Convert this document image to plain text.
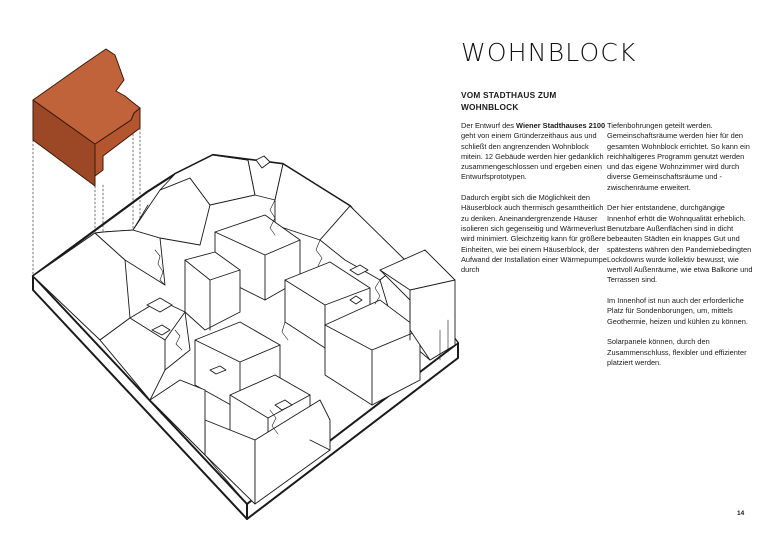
WOHNBLOCK
VOM STADTHAUS ZUM WOHNBLOCK

Der Entwurf des Wiener Stadthauses 2100 geht von einem Gründerzeithaus aus und schließt den angrenzenden Wohnblock mitein. 12 Gebäude werden hier gedanklich zusammengeschlossen und ergeben einen Entwurfsprototypen.

Dadurch ergibt sich die Möglichkeit den Häuserblock auch thermisch gesamtheitlich zu denken. Aneinandergrenzende Häuser isolieren sich gegenseitig und Wärmeverlust wird minimiert. Gleichzeitig kann für größere Einheiten, wie bei einem Häuserblock, der Aufwand der Installation einer Wärmepumpe durch

Tiefenbohrungen geteilt werden. Gemeinschaftsräume werden hier für den gesamten Wohnblock errichtet. So kann ein reichhaltigeres Programm genutzt werden und das eigene Wohnzimmer wird durch diverse Gemeinschaftsräume und -zwischenräume erweitert.

Der hier entstandene, durchgängige Innenhof erhöt die Wohnqualität erheblich. Benutzbare Außenflächen sind in dicht bebeauten Städten ein knappes Gut und spätestens währen den Pandemiebedingten Lockdowns wurde kollektiv bewusst, wie wertvoll Außenräume, wie etwa Balkone und Terrassen sind.

Im Innenhof ist nun auch der erforderliche Platz für Sondenborungen, um, mittels Geothermie, heizen und kühlen zu können.

Solarpanele können, durch den Zusammenschluss, flexibler und effizienter platziert werden.

14
